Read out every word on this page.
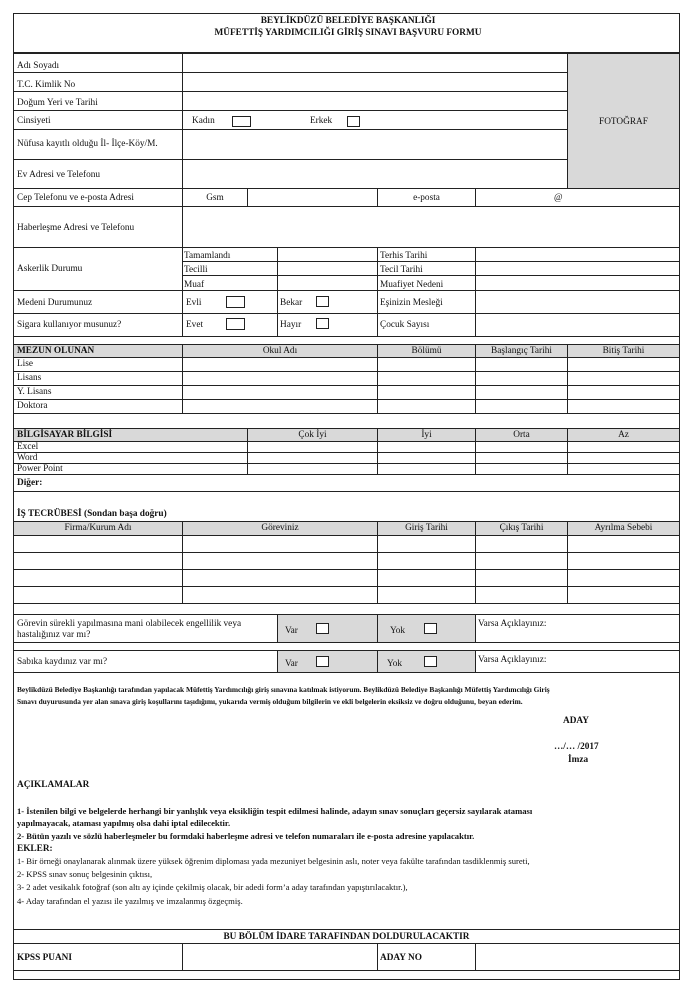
BEYLİKDÜZÜ BELEDİYE BAŞKANLIĞI
MÜFETTİŞ YARDIMCILIĞI GİRİŞ SINAVI BAŞVURU FORMU
Adı Soyadı
T.C. Kimlik No
Doğum Yeri ve Tarihi
Cinsiyeti	Kadın	Erkek
Nüfusa kayıtlı olduğu İl- İlçe-Köy/M.
Ev Adresi ve Telefonu
FOTOĞRAF
Cep Telefonu ve e-posta Adresi	Gsm	e-posta	@
Haberleşme Adresi ve Telefonu
Askerlik Durumu
Tamamlandı	Terhis Tarihi
Tecilli	Tecil Tarihi
Muaf	Muafiyet Nedeni
Medeni Durumunuz	Evli	Bekar	Eşinizin Mesleği
Sigara kullanıyor musunuz?	Evet	Hayır	Çocuk Sayısı
MEZUN OLUNAN	Okul Adı	Bölümü	Başlangıç Tarihi	Bitiş Tarihi
Lise
Lisans
Y. Lisans
Doktora
BİLGİSAYAR BİLGİSİ	Çok İyi	İyi	Orta	Az
Excel
Word
Power Point
Diğer:
İŞ TECRÜBESİ (Sondan başa doğru)
Firma/Kurum Adı	Göreviniz	Giriş Tarihi	Çıkış Tarihi	Ayrılma Sebebi
Görevin sürekli yapılmasına mani olabilecek engellilik veya
hastalığınız var mı?	Var	Yok
Varsa Açıklayınız:
Sabıka kaydınız var mı?	Var	Yok	Varsa Açıklayınız:
Beylikdüzü Belediye Başkanlığı tarafından yapılacak Müfettiş Yardımcılığı giriş sınavına katılmak istiyorum. Beylikdüzü Belediye Başkanlığı Müfettiş Yardımcılığı Giriş
Sınavı duyurusunda yer alan sınava giriş koşullarını taşıdığımı, yukarıda vermiş olduğum bilgilerin ve ekli belgelerin eksiksiz ve doğru olduğunu, beyan ederim.
ADAY
…/… /2017
İmza
AÇIKLAMALAR
1- İstenilen bilgi ve belgelerde herhangi bir yanlışlık veya eksikliğin tespit edilmesi halinde, adayın sınav sonuçları geçersiz sayılarak ataması
yapılmayacak, ataması yapılmış olsa dahi iptal edilecektir.
2- Bütün yazılı ve sözlü haberleşmeler bu formdaki haberleşme adresi ve telefon numaraları ile e-posta adresine yapılacaktır.
EKLER:
1- Bir örneği onaylanarak alınmak üzere yüksek öğrenim diploması yada mezuniyet belgesinin aslı, noter veya fakülte tarafından tasdiklenmiş sureti,
2- KPSS sınav sonuç belgesinin çıktısı,
3- 2 adet vesikalık fotoğraf (son altı ay içinde çekilmiş olacak, bir adedi form’a aday tarafından yapıştırılacaktır.),
4- Aday tarafından el yazısı ile yazılmış ve imzalanmış özgeçmiş.
BU BÖLÜM İDARE TARAFINDAN DOLDURULACAKTIR
KPSS PUANI	ADAY NO
